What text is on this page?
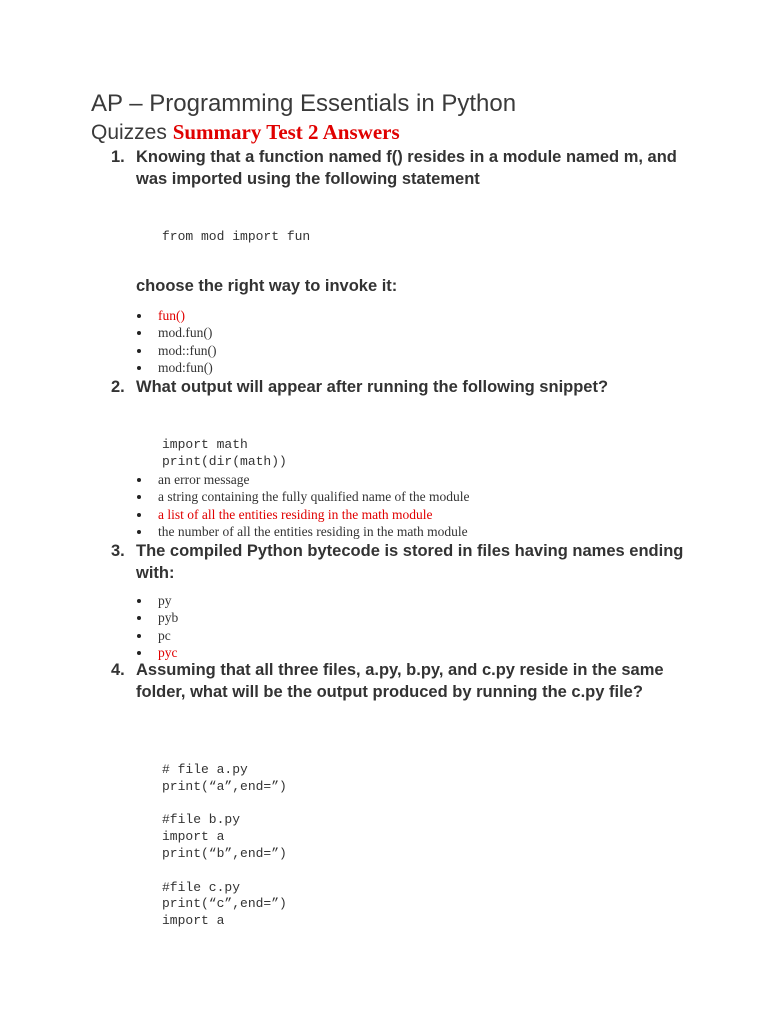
AP – Programming Essentials in Python
Quizzes Summary Test 2 Answers
1. Knowing that a function named f() resides in a module named m, and was imported using the following statement
from mod import fun
choose the right way to invoke it:
fun()
mod.fun()
mod::fun()
mod:fun()
2. What output will appear after running the following snippet?
import math
print(dir(math))
an error message
a string containing the fully qualified name of the module
a list of all the entities residing in the math module
the number of all the entities residing in the math module
3. The compiled Python bytecode is stored in files having names ending with:
py
pyb
pc
pyc
4. Assuming that all three files, a.py, b.py, and c.py reside in the same folder, what will be the output produced by running the c.py file?
# file a.py
print(“a”,end=”)

#file b.py
import a
print(“b”,end=”)

#file c.py
print(“c”,end=”)
import a
